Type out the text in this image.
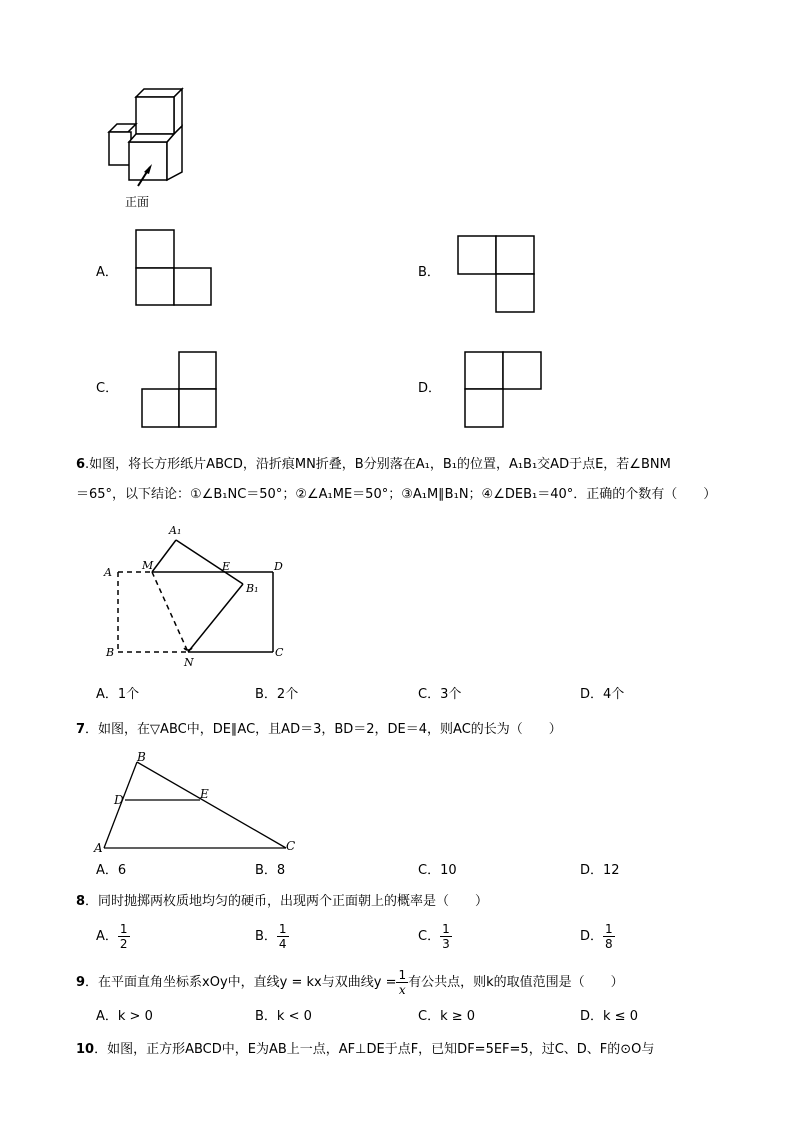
正面
A．	B．
C．	D．
6.如图，将长方形纸片ABCD，沿折痕MN折叠，B分别落在A₁，B₁的位置，A₁B₁交AD于点E，若∠BNM
＝65°，以下结论：①∠B₁NC＝50°；②∠A₁ME＝50°；③A₁M∥B₁N；④∠DEB₁＝40°．正确的个数有（　　）
A₁
M	E	D
A
B₁
B
N
C
A．1个	B．2个	C．3个	D．4个
7．如图，在▽ABC中，DE∥AC，且AD＝3，BD＝2，DE＝4，则AC的长为（　　）
B
D	E
A	C
A．6	B．8	C．10	D．12
8．同时抛掷两枚质地均匀的硬币，出现两个正面朝上的概率是（　　）
A． $\frac{1}{2}$	B． $\frac{1}{4}$	C． $\frac{1}{3}$	D． $\frac{1}{8}$
9．在平面直角坐标系xOy中，直线y = kx与双曲线$y = \frac{1}{x}$ 有公共点，则k的取值范围是（　　）
A．k > 0	B．k < 0	C．k ≥ 0	D．k ≤ 0
10．如图，正方形ABCD中，E为AB上一点，AF⊥DE于点F，已知DF=5EF=5，过C、D、F的⊙O与
